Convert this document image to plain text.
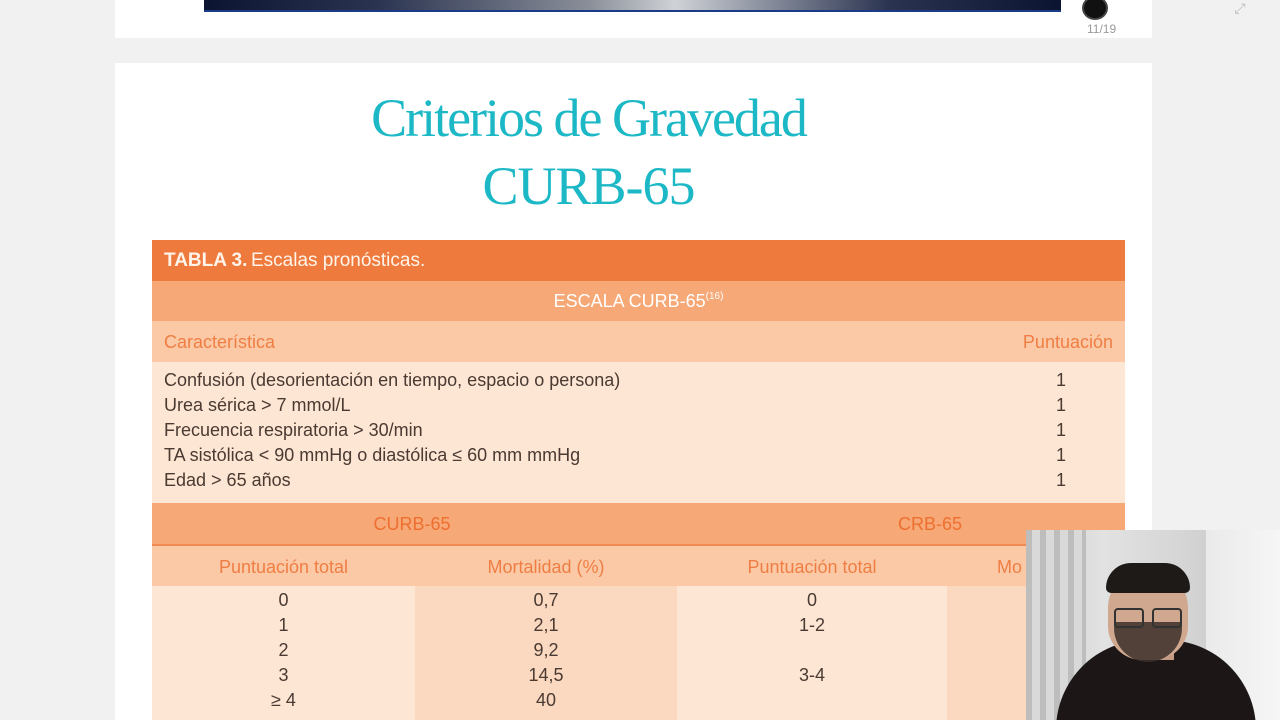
11/19
⤢
Criterios de Gravedad
CURB-65
TABLA 3. Escalas pronósticas.
ESCALA CURB-65$^{(16)}$
Característica	Puntuación
Confusión (desorientación en tiempo, espacio o persona)	1
Urea sérica > 7 mmol/L	1
Frecuencia respiratoria > 30/min	1
TA sistólica < 90 mmHg o diastólica ≤ 60 mm mmHg	1
Edad > 65 años	1
CURB-65	CRB-65
Puntuación total	Mortalidad (%)	Puntuación total	Mo
0	0,7	0
1	2,1	1-2
2	9,2
3	14,5	3-4
≥ 4	40
